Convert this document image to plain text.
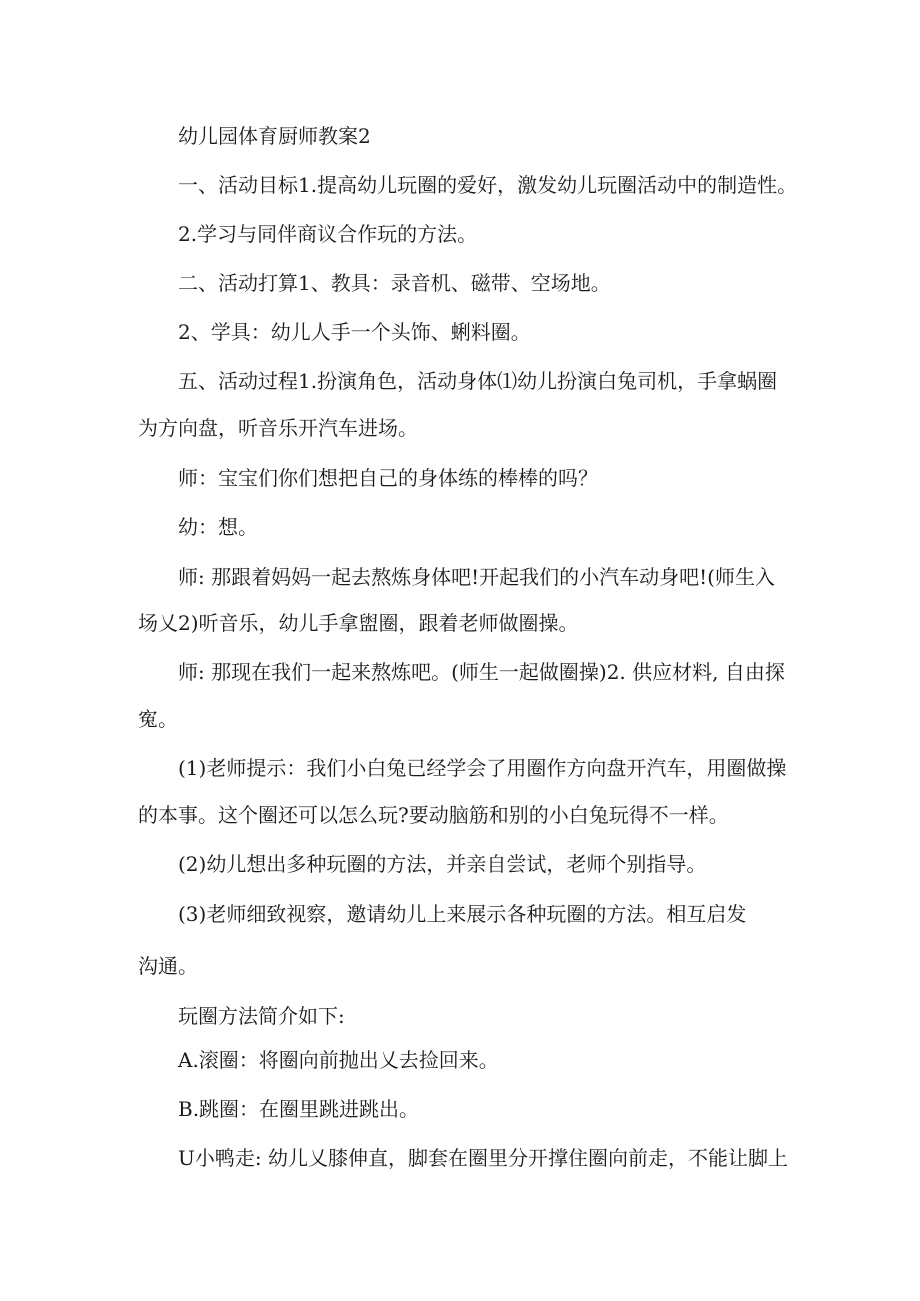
幼儿园体育厨师教案2
一、活动目标1.提高幼儿玩圈的爱好，激发幼儿玩圈活动中的制造性。
2.学习与同伴商议合作玩的方法。
二、活动打算1、教具：录音机、磁带、空场地。
2、学具：幼儿人手一个头饰、蜊料圈。
五、活动过程1.扮演角色，活动身体⑴幼儿扮演白兔司机，手拿蜗圈
为方向盘，听音乐开汽车进场。
师：宝宝们你们想把自己的身体练的棒棒的吗？
幼：想。
师: 那跟着妈妈一起去熬炼身体吧!开起我们的小汽车动身吧!(师生入
场乂2)听音乐，幼儿手拿盥圈，跟着老师做圈操。
师: 那现在我们一起来熬炼吧。(师生一起做圈操)2. 供应材料, 自由探
寃。
(1)老师提示：我们小白兔已经学会了用圈作方向盘开汽车，用圈做操
的本事。这个圈还可以怎么玩?要动脑筋和别的小白兔玩得不一样。
(2)幼儿想出多种玩圈的方法，并亲自尝试，老师个别指导。
(3)老师细致视察，邀请幼儿上来展示各种玩圈的方法。相互启发
沟通。
玩圈方法简介如下:
A.滚圈：将圈向前抛出乂去捡回来。
B.跳圈：在圈里跳进跳出。
U小鸭走: 幼儿乂膝伸直，脚套在圈里分开撑住圈向前走，不能让脚上
